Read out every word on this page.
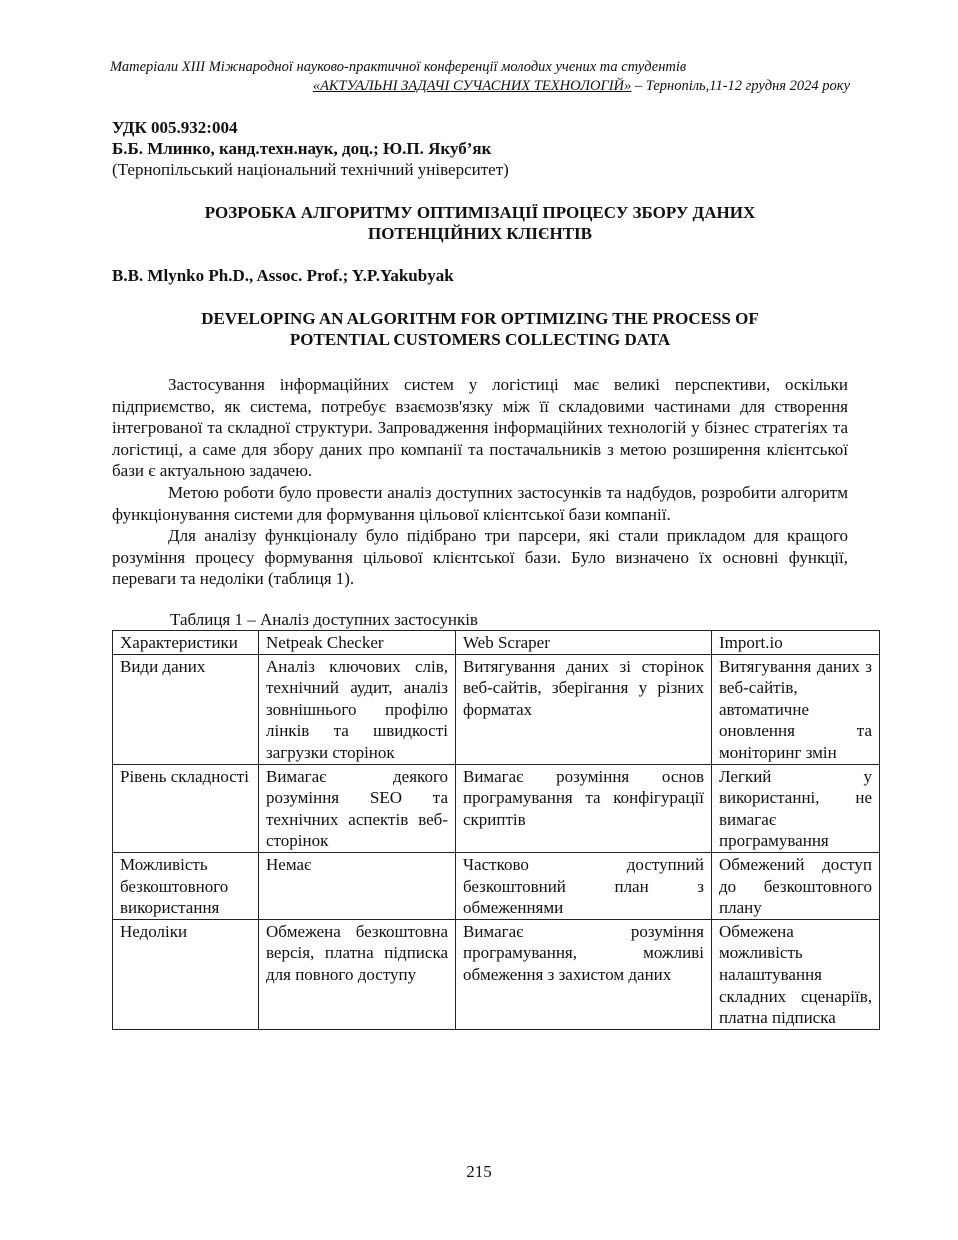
Матеріали XIII Міжнародної науково-практичної конференції молодих учених та студентів
«АКТУАЛЬНІ ЗАДАЧІ СУЧАСНИХ ТЕХНОЛОГІЙ» – Тернопіль,11-12 грудня 2024 року
УДК 005.932:004
Б.Б. Млинко, канд.техн.наук, доц.; Ю.П. Якуб’як
(Тернопільський національний технічний університет)
РОЗРОБКА АЛГОРИТМУ ОПТИМІЗАЦІЇ ПРОЦЕСУ ЗБОРУ ДАНИХ
ПОТЕНЦІЙНИХ КЛІЄНТІВ
B.B. Mlynko Ph.D., Assoc. Prof.; Y.P.Yakubyak
DEVELOPING AN ALGORITHM FOR OPTIMIZING THE PROCESS OF
POTENTIAL CUSTOMERS COLLECTING DATA

Застосування інформаційних систем у логістиці має великі перспективи, оскільки підприємство, як система, потребує взаємозв'язку між її складовими частинами для створення інтегрованої та складної структури. Запровадження інформаційних технологій у бізнес стратегіях та логістиці, а саме для збору даних про компанії та постачальників з метою розширення клієнтської бази є актуальною задачею.

Метою роботи було провести аналіз доступних застосунків та надбудов, розробити алгоритм функціонування системи для формування цільової клієнтської бази компанії.

Для аналізу функціоналу було підібрано три парсери, які стали прикладом для кращого розуміння процесу формування цільової клієнтської бази. Було визначено їх основні функції, переваги та недоліки (таблиця 1).

Таблиця 1 – Аналіз доступних застосунків
Характеристики	Netpeak Checker	Web Scraper	Import.io
Види даних	Аналіз ключових слів, технічний аудит, аналіз зовнішнього профілю лінків та швидкості загрузки сторінок	Витягування даних зі сторінок веб-сайтів, зберігання у різних форматах	Витягування даних з веб-сайтів, автоматичне оновлення та моніторинг змін
Рівень складності	Вимагає деякого розуміння SEO та технічних аспектів веб-сторінок	Вимагає розуміння основ програмування та конфігурації скриптів	Легкий у використанні, не вимагає програмування
Можливість безкоштовного використання	Немає	Частково доступний безкоштовний план з обмеженнями	Обмежений доступ до безкоштовного плану
Недоліки	Обмежена безкоштовна версія, платна підписка для повного доступу	Вимагає розуміння програмування, можливі обмеження з захистом даних	Обмежена можливість налаштування складних сценаріїв, платна підписка
215
